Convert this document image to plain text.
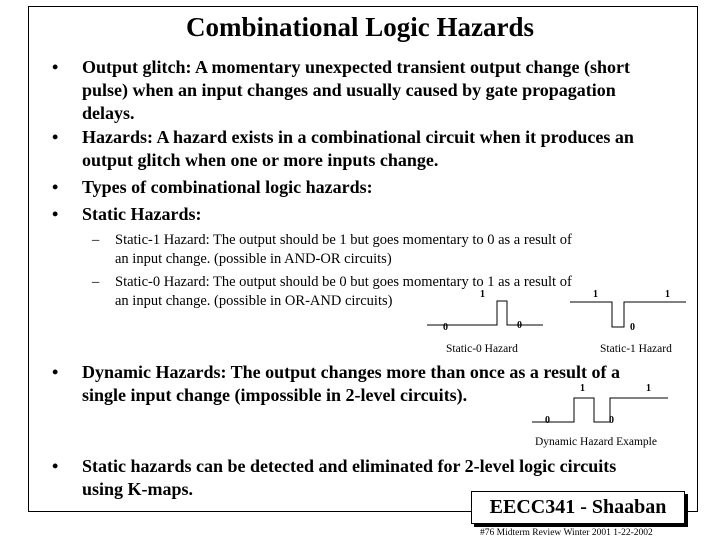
Combinational Logic Hazards
• Output glitch: A momentary unexpected transient output change (short
pulse) when an input changes and usually caused by gate propagation
delays.
• Hazards: A hazard exists in a combinational circuit when it produces an
output glitch when one or more inputs change.
• Types of combinational logic hazards:
• Static Hazards:
– Static-1 Hazard: The output should be 1 but goes momentary to 0 as a result of
an input change. (possible in AND-OR circuits)
– Static-0 Hazard: The output should be 0 but goes momentary to 1 as a result of
an input change. (possible in OR-AND circuits)	1
0	0
Static-0 Hazard
1	1
0
Static-1 Hazard
• Dynamic Hazards: The output changes more than once as a result of a
single input change (impossible in 2-level circuits).	1	1
0	0
Dynamic Hazard Example
• Static hazards can be detected and eliminated for 2-level logic circuits
using K-maps.
EECC341 - Shaaban
#76 Midterm Review Winter 2001 1-22-2002
